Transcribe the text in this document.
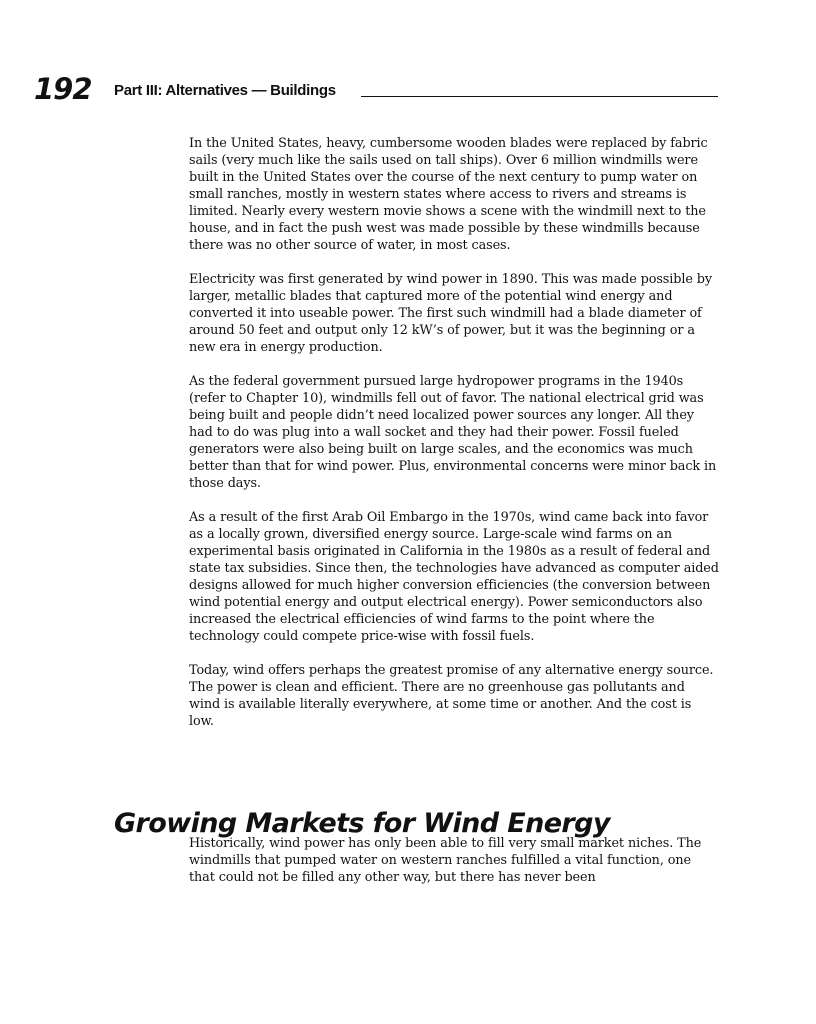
192 Part III: Alternatives — Buildings

In the United States, heavy, cumbersome wooden blades were replaced by fabric sails (very much like the sails used on tall ships). Over 6 million windmills were built in the United States over the course of the next century to pump water on small ranches, mostly in western states where access to rivers and streams is limited. Nearly every western movie shows a scene with the windmill next to the house, and in fact the push west was made possible by these windmills because there was no other source of water, in most cases.

Electricity was first generated by wind power in 1890. This was made possible by larger, metallic blades that captured more of the potential wind energy and converted it into useable power. The first such windmill had a blade diameter of around 50 feet and output only 12 kW’s of power, but it was the beginning or a new era in energy production.

As the federal government pursued large hydropower programs in the 1940s (refer to Chapter 10), windmills fell out of favor. The national electrical grid was being built and people didn’t need localized power sources any longer. All they had to do was plug into a wall socket and they had their power. Fossil fueled generators were also being built on large scales, and the economics was much better than that for wind power. Plus, environmental concerns were minor back in those days.

As a result of the first Arab Oil Embargo in the 1970s, wind came back into favor as a locally grown, diversified energy source. Large-scale wind farms on an experimental basis originated in California in the 1980s as a result of federal and state tax subsidies. Since then, the technologies have advanced as computer aided designs allowed for much higher conversion efficiencies (the conversion between wind potential energy and output electrical energy). Power semiconductors also increased the electrical efficiencies of wind farms to the point where the technology could compete price-wise with fossil fuels.

Today, wind offers perhaps the greatest promise of any alternative energy source. The power is clean and efficient. There are no greenhouse gas pollutants and wind is available literally everywhere, at some time or another. And the cost is low.

Growing Markets for Wind Energy

Historically, wind power has only been able to fill very small market niches. The windmills that pumped water on western ranches fulfilled a vital function, one that could not be filled any other way, but there has never been
